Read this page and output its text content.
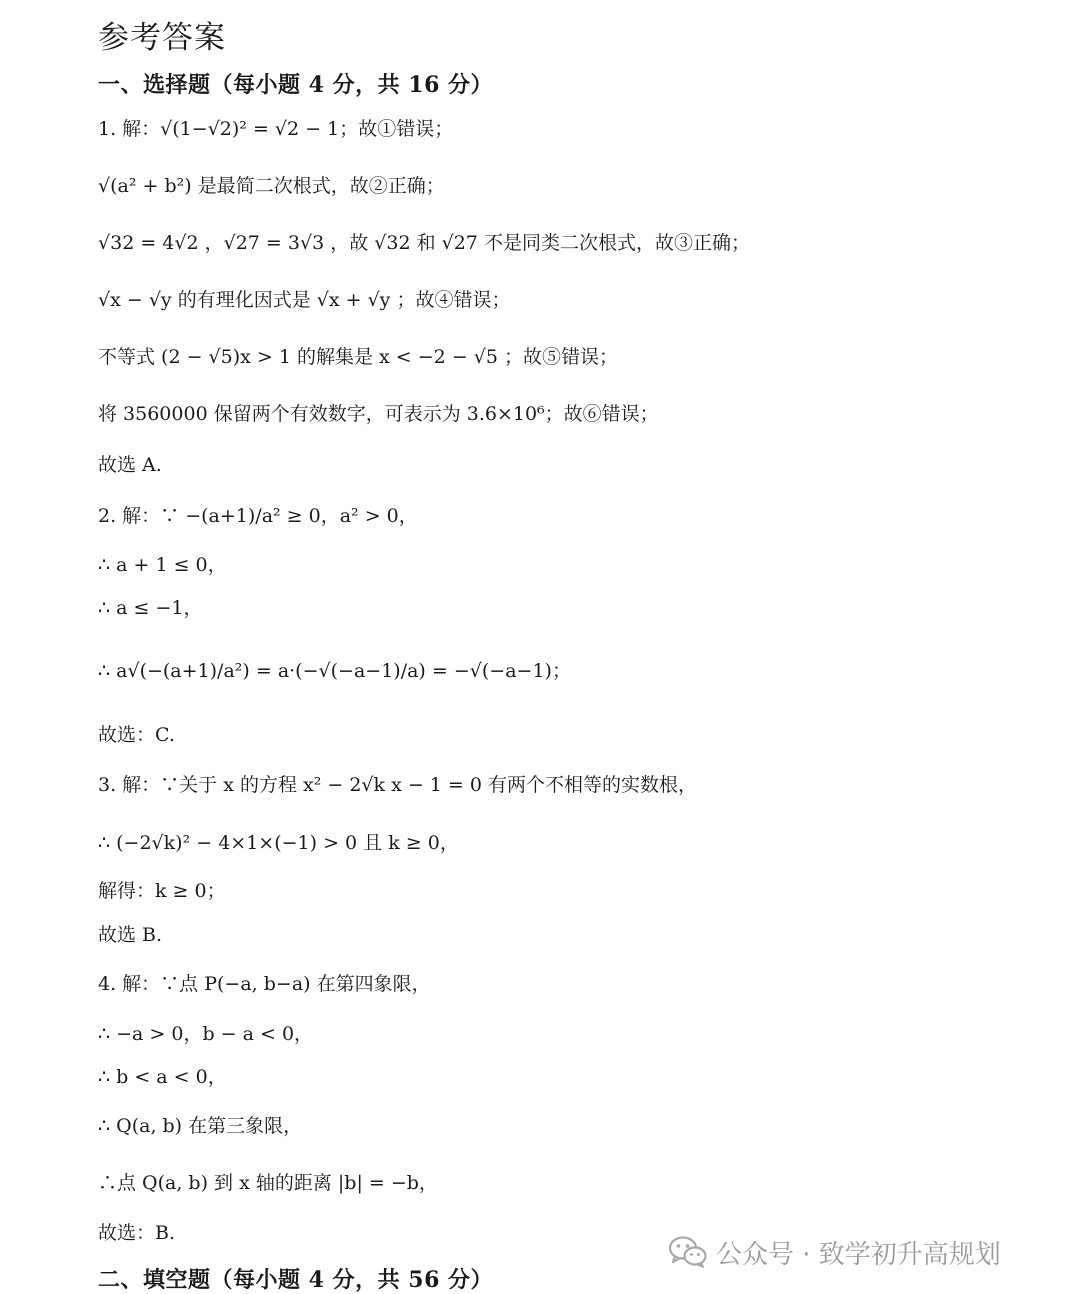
参考答案
一、选择题（每小题 4 分，共 16 分）
1. 解：√(1−√2)² = √2 − 1；故①错误；
√(a² + b²) 是最简二次根式，故②正确；
√32 = 4√2 ，√27 = 3√3 ，故 √32 和 √27 不是同类二次根式，故③正确；
√x − √y 的有理化因式是 √x + √y ；故④错误；
不等式 (2 − √5)x > 1 的解集是 x < −2 − √5 ；故⑤错误；
将 3560000 保留两个有效数字，可表示为 3.6×10⁶；故⑥错误；
故选 A.
2. 解：∵ −(a+1)/a² ≥ 0，a² > 0，
∴ a + 1 ≤ 0，
∴ a ≤ −1，
∴ a√(−(a+1)/a²) = a·(−√(−a−1)/a) = −√(−a−1)；
故选：C.
3. 解：∵关于 x 的方程 x² − 2√k x − 1 = 0 有两个不相等的实数根，
∴ (−2√k)² − 4×1×(−1) > 0 且 k ≥ 0，
解得：k ≥ 0；
故选 B.
4. 解：∵点 P(−a, b−a) 在第四象限，
∴ −a > 0，b − a < 0，
∴ b < a < 0，
∴ Q(a, b) 在第三象限，
∴点 Q(a, b) 到 x 轴的距离 |b| = −b，
故选：B.
二、填空题（每小题 4 分，共 56 分）
公众号 · 致学初升高规划
